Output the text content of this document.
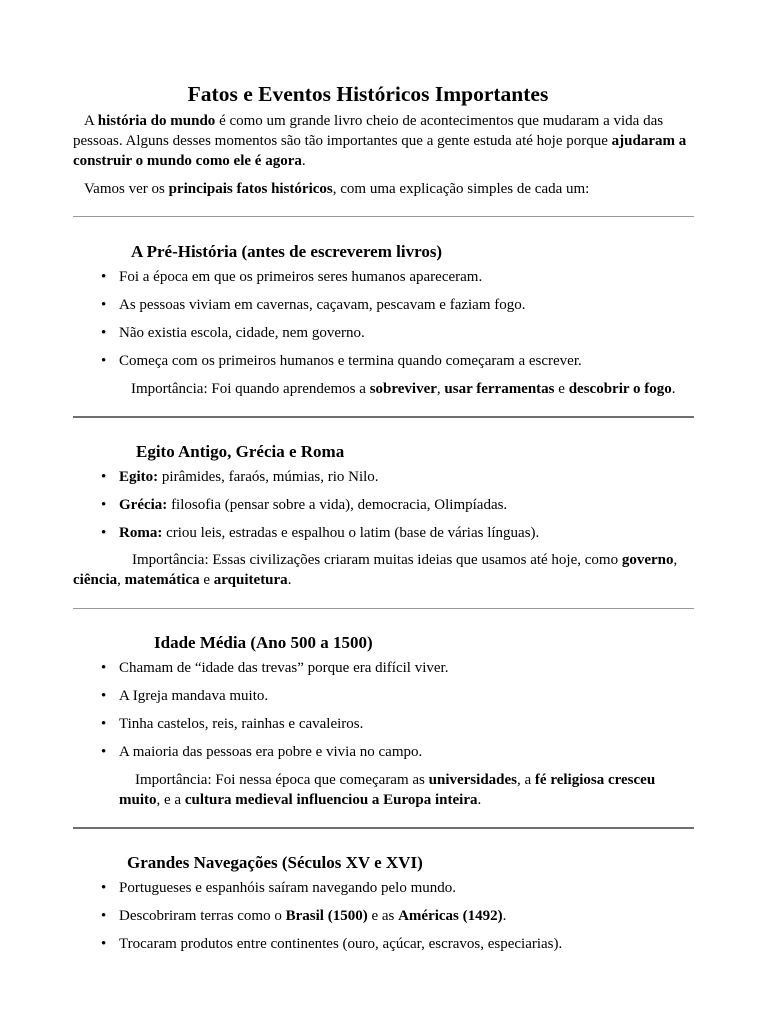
Fatos e Eventos Históricos Importantes

A história do mundo é como um grande livro cheio de acontecimentos que mudaram a vida das pessoas. Alguns desses momentos são tão importantes que a gente estuda até hoje porque ajudaram a construir o mundo como ele é agora.

Vamos ver os principais fatos históricos, com uma explicação simples de cada um:

A Pré-História (antes de escreverem livros)
• Foi a época em que os primeiros seres humanos apareceram.
• As pessoas viviam em cavernas, caçavam, pescavam e faziam fogo.
• Não existia escola, cidade, nem governo.
• Começa com os primeiros humanos e termina quando começaram a escrever.

Importância: Foi quando aprendemos a sobreviver, usar ferramentas e descobrir o fogo.

Egito Antigo, Grécia e Roma
• Egito: pirâmides, faraós, múmias, rio Nilo.
• Grécia: filosofia (pensar sobre a vida), democracia, Olimpíadas.
• Roma: criou leis, estradas e espalhou o latim (base de várias línguas).

Importância: Essas civilizações criaram muitas ideias que usamos até hoje, como governo, ciência, matemática e arquitetura.

Idade Média (Ano 500 a 1500)
• Chamam de “idade das trevas” porque era difícil viver.
• A Igreja mandava muito.
• Tinha castelos, reis, rainhas e cavaleiros.
• A maioria das pessoas era pobre e vivia no campo.

Importância: Foi nessa época que começaram as universidades, a fé religiosa cresceu muito, e a cultura medieval influenciou a Europa inteira.

Grandes Navegações (Séculos XV e XVI)
• Portugueses e espanhóis saíram navegando pelo mundo.
• Descobriram terras como o Brasil (1500) e as Américas (1492).
• Trocaram produtos entre continentes (ouro, açúcar, escravos, especiarias).
